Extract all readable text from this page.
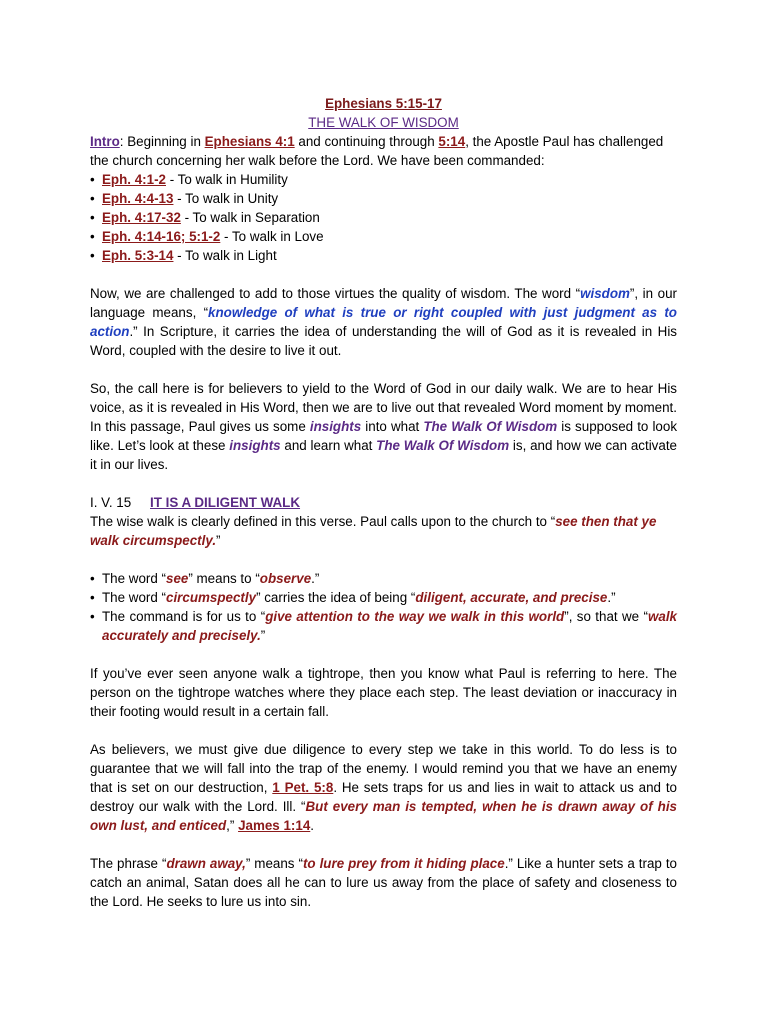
Ephesians 5:15-17
THE WALK OF WISDOM
Intro: Beginning in Ephesians 4:1 and continuing through 5:14, the Apostle Paul has challenged the church concerning her walk before the Lord. We have been commanded:
• Eph. 4:1-2 - To walk in Humility
• Eph. 4:4-13 - To walk in Unity
• Eph. 4:17-32 - To walk in Separation
• Eph. 4:14-16; 5:1-2 - To walk in Love
• Eph. 5:3-14 - To walk in Light
Now, we are challenged to add to those virtues the quality of wisdom. The word “wisdom”, in our language means, “knowledge of what is true or right coupled with just judgment as to action.” In Scripture, it carries the idea of understanding the will of God as it is revealed in His Word, coupled with the desire to live it out.
So, the call here is for believers to yield to the Word of God in our daily walk. We are to hear His voice, as it is revealed in His Word, then we are to live out that revealed Word moment by moment. In this passage, Paul gives us some insights into what The Walk Of Wisdom is supposed to look like. Let’s look at these insights and learn what The Walk Of Wisdom is, and how we can activate it in our lives.
I. V. 15 IT IS A DILIGENT WALK
The wise walk is clearly defined in this verse. Paul calls upon to the church to “see then that ye walk circumspectly.”
• The word “see” means to “observe.”
• The word “circumspectly” carries the idea of being “diligent, accurate, and precise.”
• The command is for us to “give attention to the way we walk in this world”, so that we “walk accurately and precisely.”
If you’ve ever seen anyone walk a tightrope, then you know what Paul is referring to here. The person on the tightrope watches where they place each step. The least deviation or inaccuracy in their footing would result in a certain fall.
As believers, we must give due diligence to every step we take in this world. To do less is to guarantee that we will fall into the trap of the enemy. I would remind you that we have an enemy that is set on our destruction, 1 Pet. 5:8. He sets traps for us and lies in wait to attack us and to destroy our walk with the Lord. Ill. “But every man is tempted, when he is drawn away of his own lust, and enticed,” James 1:14.
The phrase “drawn away,” means “to lure prey from it hiding place.” Like a hunter sets a trap to catch an animal, Satan does all he can to lure us away from the place of safety and closeness to the Lord. He seeks to lure us into sin.
